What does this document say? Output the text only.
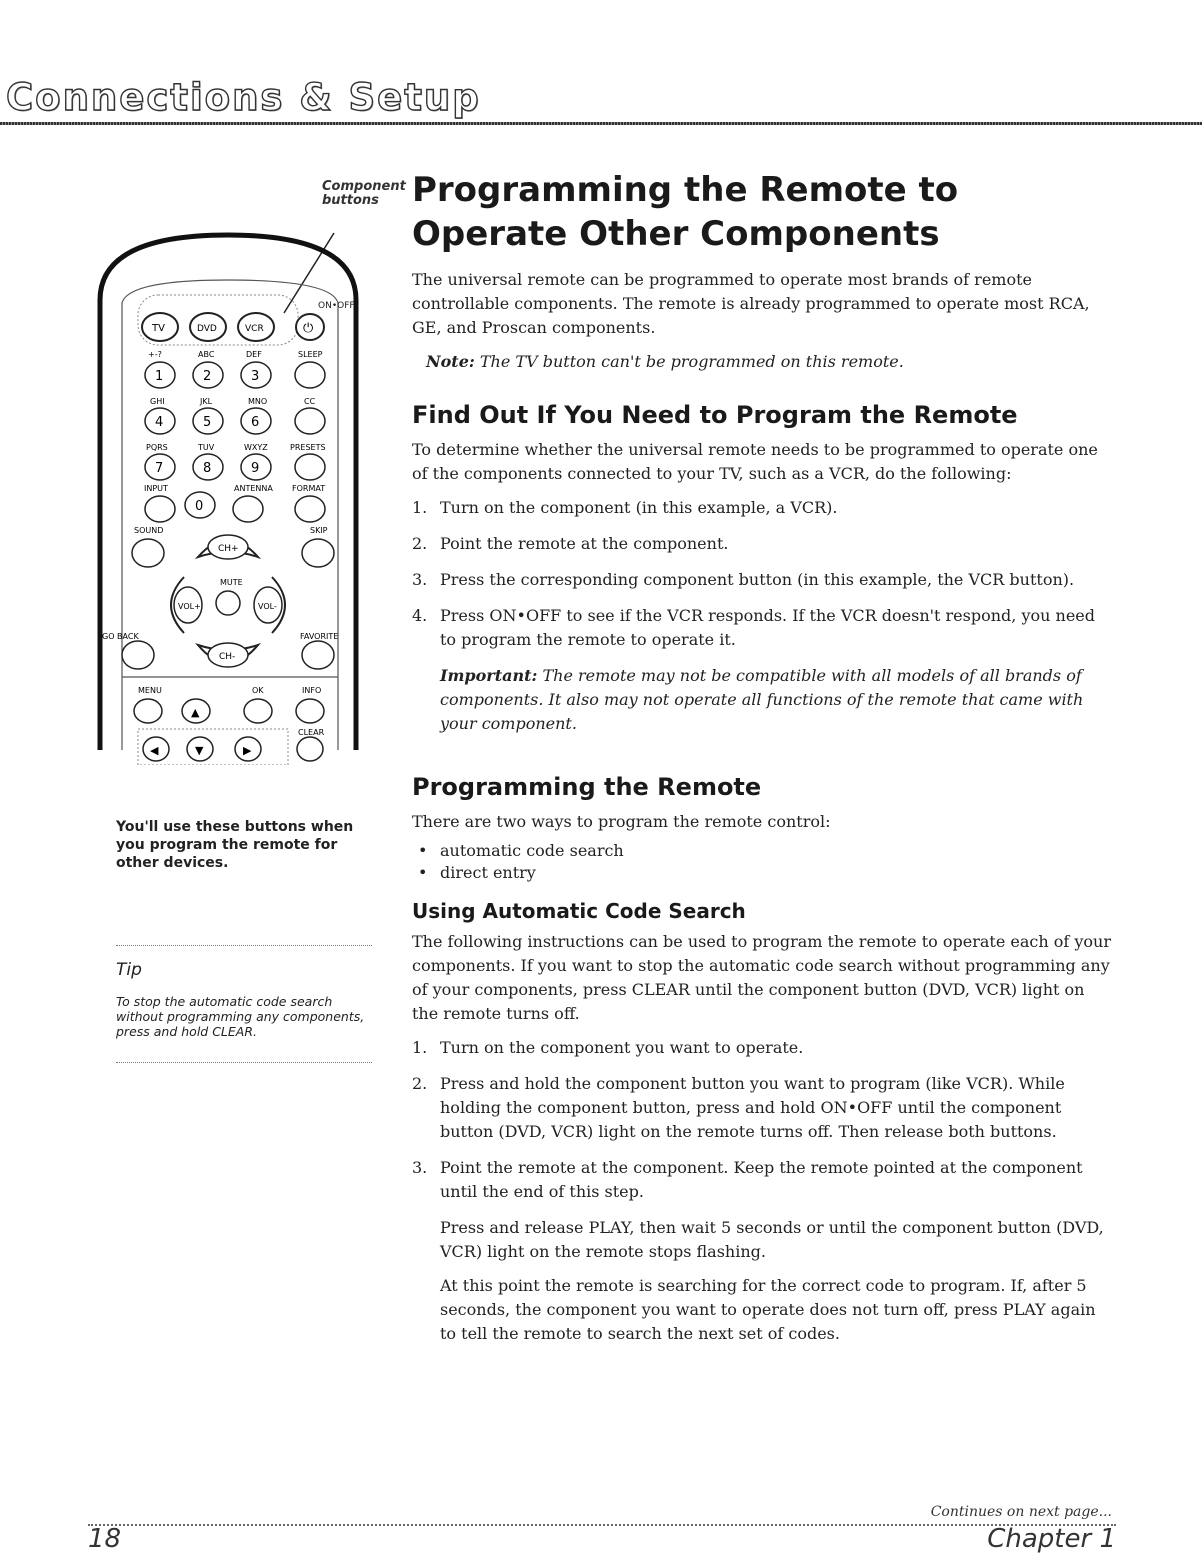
Connections & Setup
Component buttons
ON•OFF
TV	DVD	VCR	⏻
+-?	ABC	DEF	SLEEP
1	2	3
GHI	JKL	MNO	CC
4	5	6
PQRS	TUV	WXYZ	PRESETS
7	8	9
INPUT	ANTENNA FORMAT
0
SOUND	SKIP
CH+
MUTE
VOL+	VOL-
GO BACK	FAVORITE
CH-
MENU	OK	INFO
▲
CLEAR
◀	▼	▶
You'll use these buttons when you program the remote for other devices.
Tip
To stop the automatic code search without programming any components, press and hold CLEAR.
Programming the Remote to Operate Other Components

The universal remote can be programmed to operate most brands of remote controllable components. The remote is already programmed to operate most RCA, GE, and Proscan components.

Note: The TV button can't be programmed on this remote.

Find Out If You Need to Program the Remote

To determine whether the universal remote needs to be programmed to operate one of the components connected to your TV, such as a VCR, do the following:

1. Turn on the component (in this example, a VCR).
2. Point the remote at the component.
3. Press the corresponding component button (in this example, the VCR button).
4. Press ON•OFF to see if the VCR responds. If the VCR doesn't respond, you need to program the remote to operate it.

Important: The remote may not be compatible with all models of all brands of components. It also may not operate all functions of the remote that came with your component.

Programming the Remote

There are two ways to program the remote control:

• automatic code search
• direct entry
Using Automatic Code Search

The following instructions can be used to program the remote to operate each of your components. If you want to stop the automatic code search without programming any of your components, press CLEAR until the component button (DVD, VCR) light on the remote turns off.

1. Turn on the component you want to operate.
2. Press and hold the component button you want to program (like VCR). While holding the component button, press and hold ON•OFF until the component button (DVD, VCR) light on the remote turns off. Then release both buttons.
3. Point the remote at the component. Keep the remote pointed at the component until the end of this step.

Press and release PLAY, then wait 5 seconds or until the component button (DVD, VCR) light on the remote stops flashing.

At this point the remote is searching for the correct code to program. If, after 5 seconds, the component you want to operate does not turn off, press PLAY again to tell the remote to search the next set of codes.

Continues on next page...
18	Chapter 1
